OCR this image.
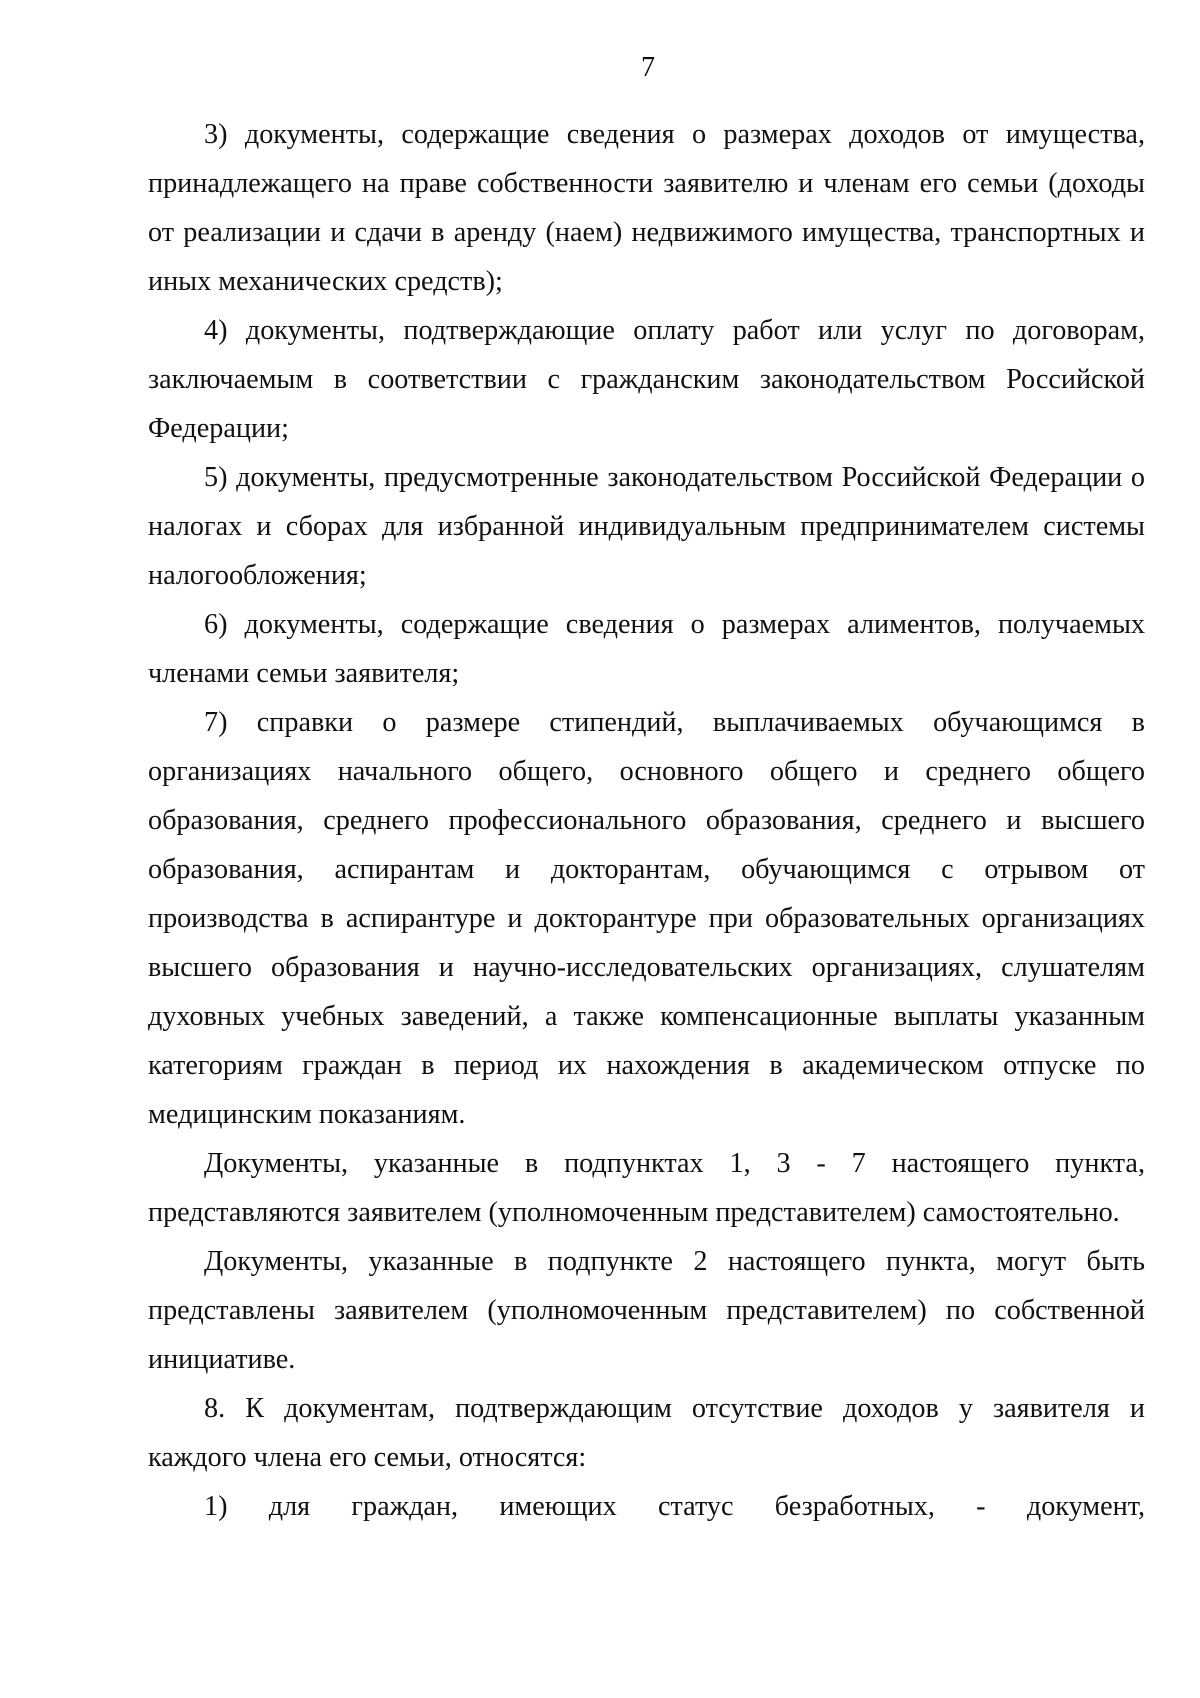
7

3) документы, содержащие сведения о размерах доходов от имущества, принадлежащего на праве собственности заявителю и членам его семьи (доходы от реализации и сдачи в аренду (наем) недвижимого имущества, транспортных и иных механических средств);

4) документы, подтверждающие оплату работ или услуг по договорам, заключаемым в соответствии с гражданским законодательством Российской Федерации;

5) документы, предусмотренные законодательством Российской Федерации о налогах и сборах для избранной индивидуальным предпринимателем системы налогообложения;

6) документы, содержащие сведения о размерах алиментов, получаемых членами семьи заявителя;

7) справки о размере стипендий, выплачиваемых обучающимся в организациях начального общего, основного общего и среднего общего образования, среднего профессионального образования, среднего и высшего образования, аспирантам и докторантам, обучающимся с отрывом от производства в аспирантуре и докторантуре при образовательных организациях высшего образования и научно-исследовательских организациях, слушателям духовных учебных заведений, а также компенсационные выплаты указанным категориям граждан в период их нахождения в академическом отпуске по медицинским показаниям.

Документы, указанные в подпунктах 1, 3 - 7 настоящего пункта, представляются заявителем (уполномоченным представителем) самостоятельно.

Документы, указанные в подпункте 2 настоящего пункта, могут быть представлены заявителем (уполномоченным представителем) по собственной инициативе.

8. К документам, подтверждающим отсутствие доходов у заявителя и каждого члена его семьи, относятся:

1) для граждан, имеющих статус безработных, - документ,
